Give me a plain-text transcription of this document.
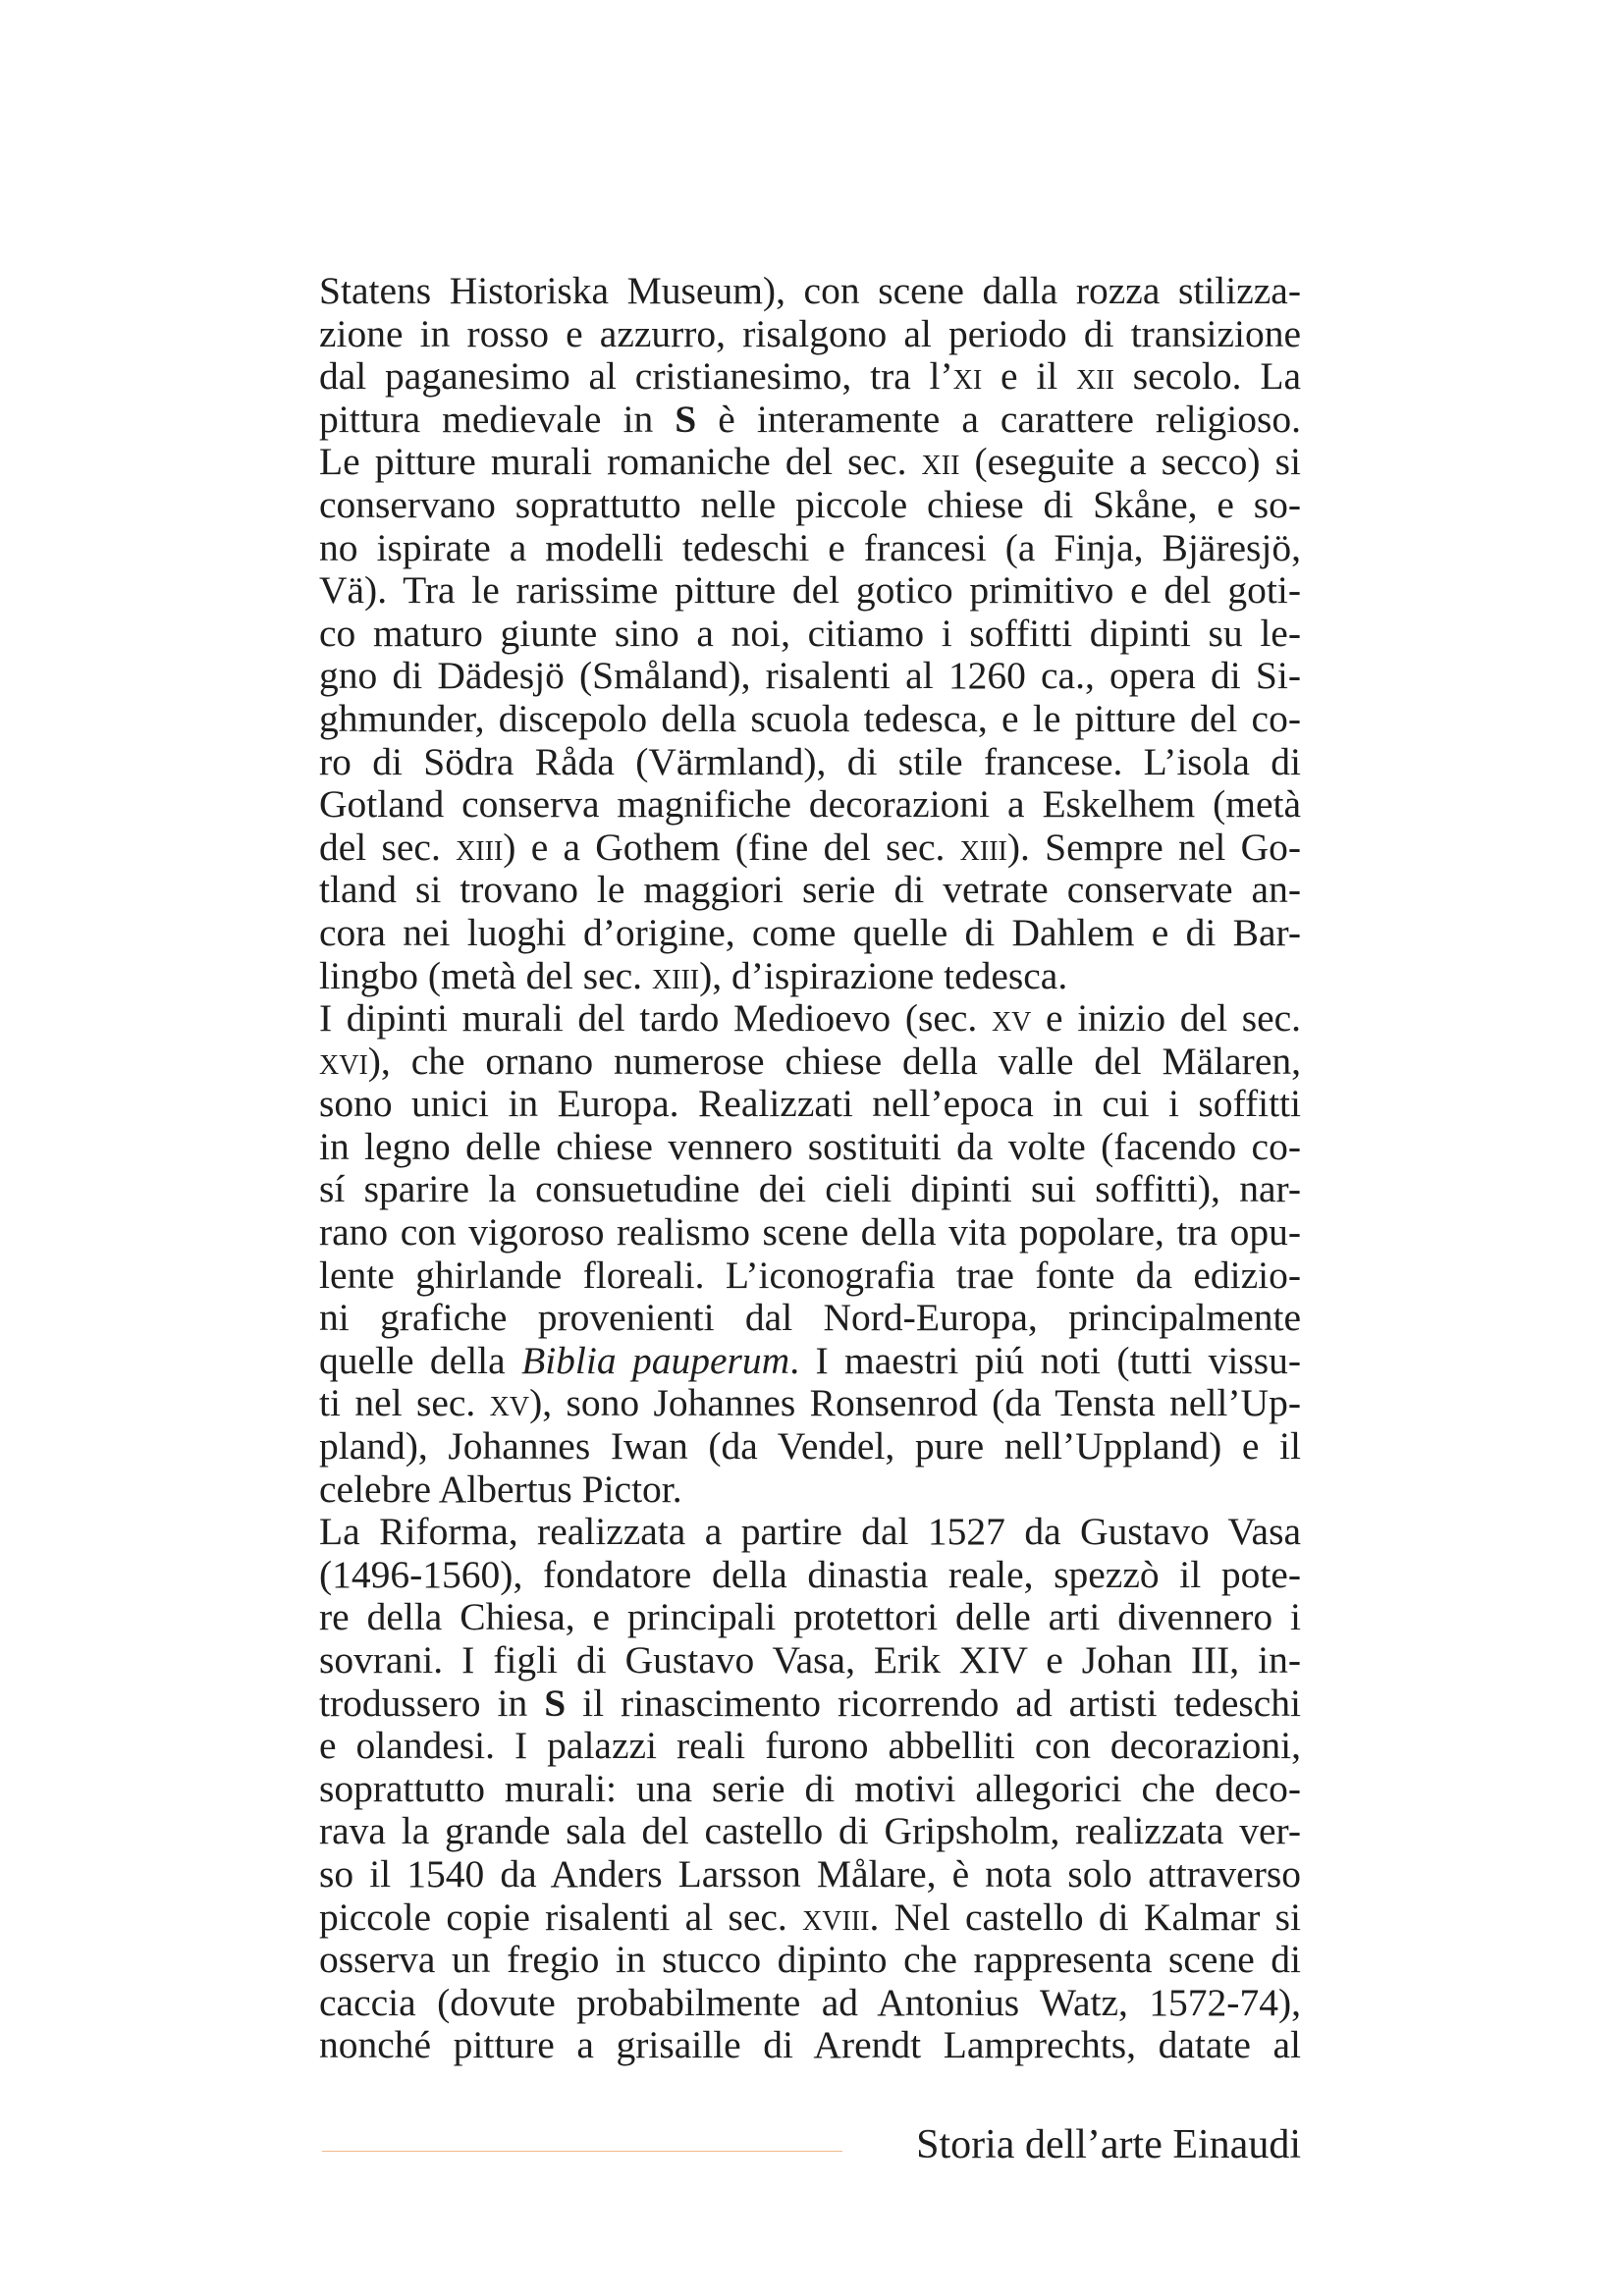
Statens Historiska Museum), con scene dalla rozza stilizza-
zione in rosso e azzurro, risalgono al periodo di transizione
dal paganesimo al cristianesimo, tra l’xi e il xii secolo. La
pittura medievale in S è interamente a carattere religioso.
Le pitture murali romaniche del sec. xii (eseguite a secco) si
conservano soprattutto nelle piccole chiese di Skåne, e so-
no ispirate a modelli tedeschi e francesi (a Finja, Bjäresjö,
Vä). Tra le rarissime pitture del gotico primitivo e del goti-
co maturo giunte sino a noi, citiamo i soffitti dipinti su le-
gno di Dädesjö (Småland), risalenti al 1260 ca., opera di Si-
ghmunder, discepolo della scuola tedesca, e le pitture del co-
ro di Södra Råda (Värmland), di stile francese. L’isola di
Gotland conserva magnifiche decorazioni a Eskelhem (metà
del sec. xiii) e a Gothem (fine del sec. xiii). Sempre nel Go-
tland si trovano le maggiori serie di vetrate conservate an-
cora nei luoghi d’origine, come quelle di Dahlem e di Bar-
lingbo (metà del sec. xiii), d’ispirazione tedesca.
I dipinti murali del tardo Medioevo (sec. xv e inizio del sec.
xvi), che ornano numerose chiese della valle del Mälaren,
sono unici in Europa. Realizzati nell’epoca in cui i soffitti
in legno delle chiese vennero sostituiti da volte (facendo co-
sí sparire la consuetudine dei cieli dipinti sui soffitti), nar-
rano con vigoroso realismo scene della vita popolare, tra opu-
lente ghirlande floreali. L’iconografia trae fonte da edizio-
ni grafiche provenienti dal Nord-Europa, principalmente
quelle della Biblia pauperum. I maestri piú noti (tutti vissu-
ti nel sec. xv), sono Johannes Ronsenrod (da Tensta nell’Up-
pland), Johannes Iwan (da Vendel, pure nell’Uppland) e il
celebre Albertus Pictor.
La Riforma, realizzata a partire dal 1527 da Gustavo Vasa
(1496-1560), fondatore della dinastia reale, spezzò il pote-
re della Chiesa, e principali protettori delle arti divennero i
sovrani. I figli di Gustavo Vasa, Erik XIV e Johan III, in-
trodussero in S il rinascimento ricorrendo ad artisti tedeschi
e olandesi. I palazzi reali furono abbelliti con decorazioni,
soprattutto murali: una serie di motivi allegorici che deco-
rava la grande sala del castello di Gripsholm, realizzata ver-
so il 1540 da Anders Larsson Målare, è nota solo attraverso
piccole copie risalenti al sec. xviii. Nel castello di Kalmar si
osserva un fregio in stucco dipinto che rappresenta scene di
caccia (dovute probabilmente ad Antonius Watz, 1572-74),
nonché pitture a grisaille di Arendt Lamprechts, datate al
Storia dell’arte Einaudi
